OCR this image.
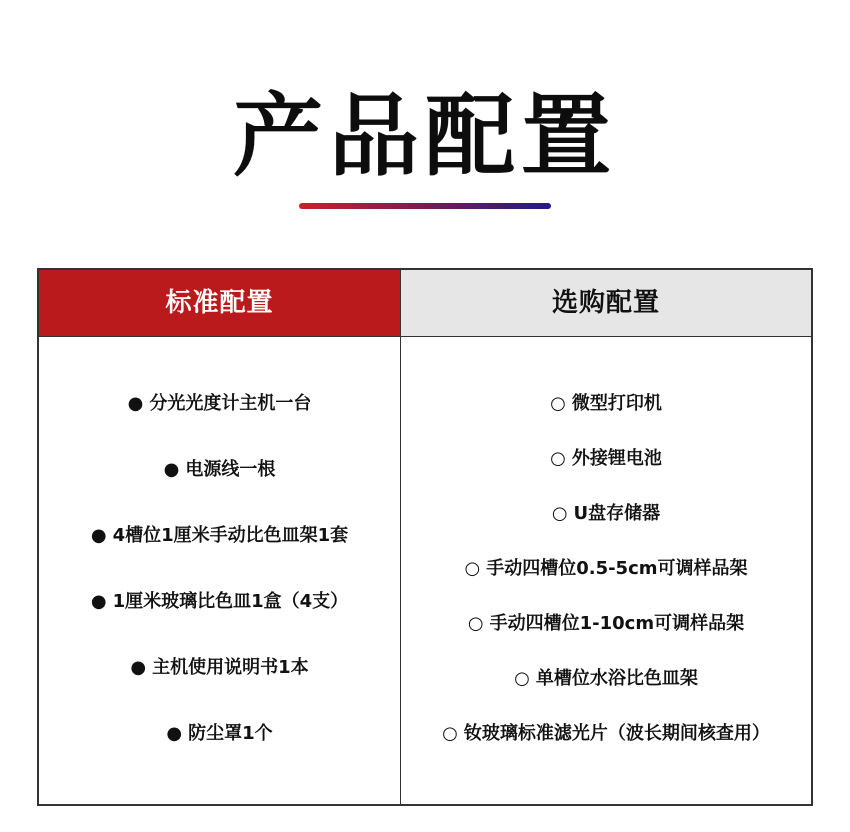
产品配置
标准配置
● 分光光度计主机一台
● 电源线一根
● 4槽位1厘米手动比色皿架1套
● 1厘米玻璃比色皿1盒（4支）
● 主机使用说明书1本
● 防尘罩1个
选购配置
○ 微型打印机
○ 外接锂电池
○ U盘存储器
○ 手动四槽位0.5-5cm可调样品架
○ 手动四槽位1-10cm可调样品架
○ 单槽位水浴比色皿架
○ 钕玻璃标准滤光片（波长期间核查用）
